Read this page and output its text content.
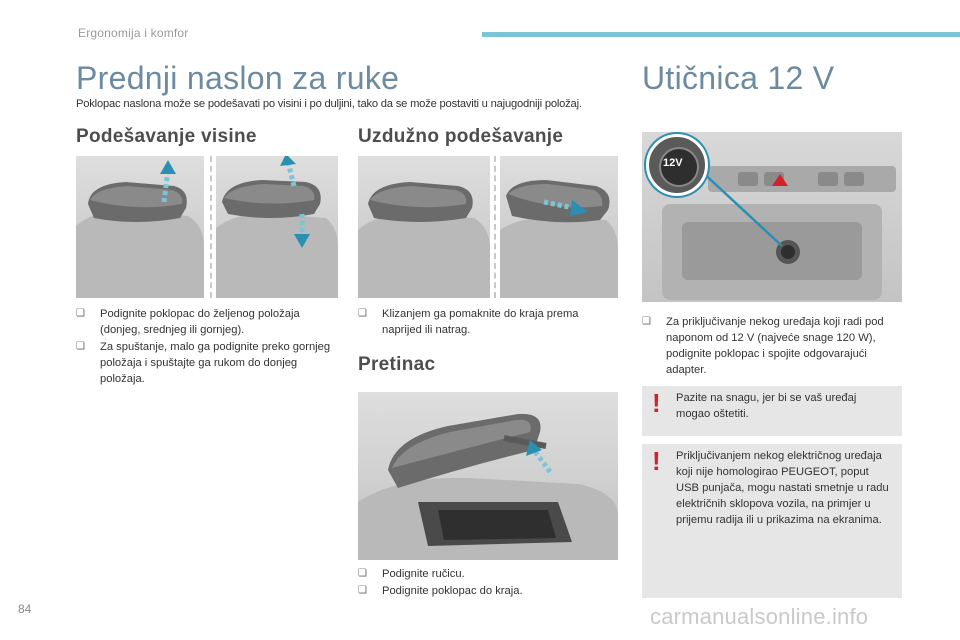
Ergonomija i komfor
Prednji naslon za ruke
Poklopac naslona može se podešavati po visini i po duljini, tako da se može postaviti u najugodniji položaj.
Podešavanje visine
❏	Podignite poklopac do željenog položaja (donjeg, srednjeg ili gornjeg).
❏	Za spuštanje, malo ga podignite preko gornjeg položaja i spuštajte ga rukom do donjeg položaja.
Uzdužno podešavanje
❏	Klizanjem ga pomaknite do kraja prema naprijed ili natrag.
Pretinac
❏	Podignite ručicu.
❏	Podignite poklopac do kraja.
Utičnica 12 V
12V
❏	Za priključivanje nekog uređaja koji radi pod naponom od 12 V (najveće snage 120 W), podignite poklopac i spojite odgovarajući adapter.
! Pazite na snagu, jer bi se vaš uređaj mogao oštetiti.
! Priključivanjem nekog električnog uređaja koji nije homologirao PEUGEOT, poput USB punjača, mogu nastati smetnje u radu električnih sklopova vozila, na primjer u prijemu radija ili u prikazima na ekranima.
84	carmanualsonline.info
